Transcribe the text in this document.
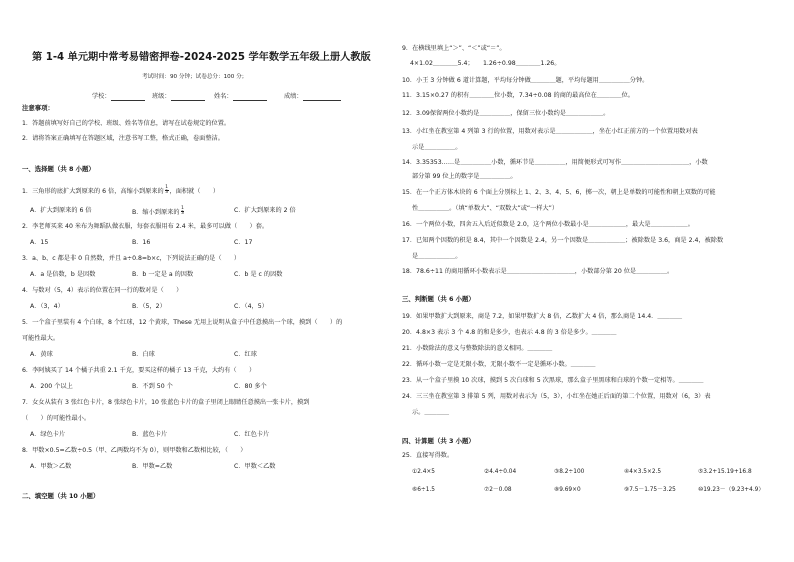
第 1-4 单元期中常考易错密押卷-2024-2025 学年数学五年级上册人教版
考试时间：90 分钟；试卷总分：100 分；
学校：	班级：	姓名：	成绩：
注意事项：
1．答题前填写好自己的学校、班级、姓名等信息，请写在试卷规定的位置。
2．请将答案正确填写在答题区域，注意书写工整，格式正确，卷面整洁。
一、选择题（共 8 小题）
1．三角形的底扩大到原来的 6 倍，高缩小到原来的 $\frac{1}{3}$ ，面积就（　　）
A．扩大到原来的 6 倍	B．缩小到原来的 $\frac{1}{3}$	C．扩大到原来的 2 倍
2．李老师买来 40 米布为舞蹈队做衣服，每套衣服用布 2.4 米，最多可以做（　　）套。
A．15	B．16	C．17
3．a、b、c 都是非 0 自然数，并且 a÷0.8=b×c，下列说法正确的是（　　）
A．a 是倍数，b 是因数	B．b 一定是 a 的因数	C．b 是 c 的因数
4．与数对（5，4）表示的位置在同一行的数对是（　　）
A．（3，4）	B．（5，2）	C．（4，5）
5．一个盒子里装有 4 个白球，8 个红球，12 个黄球，These 无用上说明从盒子中任意摸出一个球，摸到（　　）的
可能性最大。
A．黄球	B．白球	C．红球
6．李阿姨买了 14 个橘子共重 2.1 千克，要买这样的橘子 13 千克，大约有（　　）
A．200 个以上	B．不到 50 个	C．80 多个
7．女女从装有 3 张红色卡片，8 张绿色卡片，10 张蓝色卡片的盒子里闭上眼睛任意摸出一张卡片，摸到
（　　）的可能性最小。
A．绿色卡片	B．蓝色卡片	C．红色卡片
8．甲数×0.5=乙数÷0.5（甲、乙两数均不为 0），则甲数和乙数相比较，（　　）
A．甲数＞乙数	B．甲数=乙数	C．甲数＜乙数
二、填空题（共 10 小题）
9．在横线里填上“＞”、“＜”或“＝”。
4×1.02＿＿＿＿5.4；　　1.26÷0.98＿＿＿＿1.26。
10．小王 3 分钟做 6 道计算题，平均每分钟做＿＿＿＿题，平均每题用＿＿＿＿＿分钟。
11．3.15×0.27 的积有＿＿＿＿位小数，7.34÷0.08 的商的最高位在＿＿＿＿位。
12．3.09保留两位小数约是＿＿＿＿＿，保留三位小数约是＿＿＿＿＿＿。
13．小红坐在教室第 4 列第 3 行的位置，用数对表示是＿＿＿＿＿＿，坐在小红正前方的一个位置用数对表
示是＿＿＿＿＿。
14．3.35353……是＿＿＿＿＿小数，循环节是＿＿＿＿＿，用简便形式可写作＿＿＿＿＿＿＿＿＿＿＿，小数
部分第 99 位上的数字是＿＿＿＿＿。
15．在一个正方体木块的 6 个面上分别标上 1、2、3、4、5、6，掷一次，朝上是单数的可能性和朝上双数的可能
性＿＿＿＿＿。（填“单数大”、“双数大”或“一样大”）
16．一个两位小数，四舍五入后近似数是 2.0，这个两位小数最小是＿＿＿＿＿＿，最大是＿＿＿＿＿＿。
17．已知两个因数的积是 8.4，其中一个因数是 2.4，另一个因数是＿＿＿＿＿＿；被除数是 3.6，商是 2.4，被除数
是＿＿＿＿＿＿。
18．78.6÷11 的商用循环小数表示是＿＿＿＿＿＿＿＿＿＿＿，小数部分第 20 位是＿＿＿＿＿。
三、判断题（共 6 小题）
19．如果甲数扩大到原来，商是 7.2，如果甲数扩大 8 倍，乙数扩大 4 倍，那么商是 14.4．＿＿＿＿
20．4.8×3 表示 3 个 4.8 的和是多少，也表示 4.8 的 3 倍是多少。＿＿＿＿
21．小数除法的意义与整数除法的意义相同。＿＿＿＿
22．循环小数一定是无限小数，无限小数不一定是循环小数。＿＿＿＿
23．从一个盒子里摸 10 次球，摸到 5 次白球和 5 次黑球，那么盒子里黑球和白球的个数一定相等。＿＿＿＿
24．三三坐在教室第 3 排第 5 列，用数对表示为（5，3），小红坐在她正后面的第二个位置，用数对（6，3）表
示。＿＿＿＿
四、计算题（共 3 小题）
25．直接写得数。
①2.4×5	②4.4÷0.04	③8.2÷100	④4×3.5×2.5	⑤3.2+15.19+16.8
⑥6÷1.5	⑦2－0.08	⑧9.69×0	⑨7.5－1.75－3.25	⑩19.23－（9.23+4.9）
